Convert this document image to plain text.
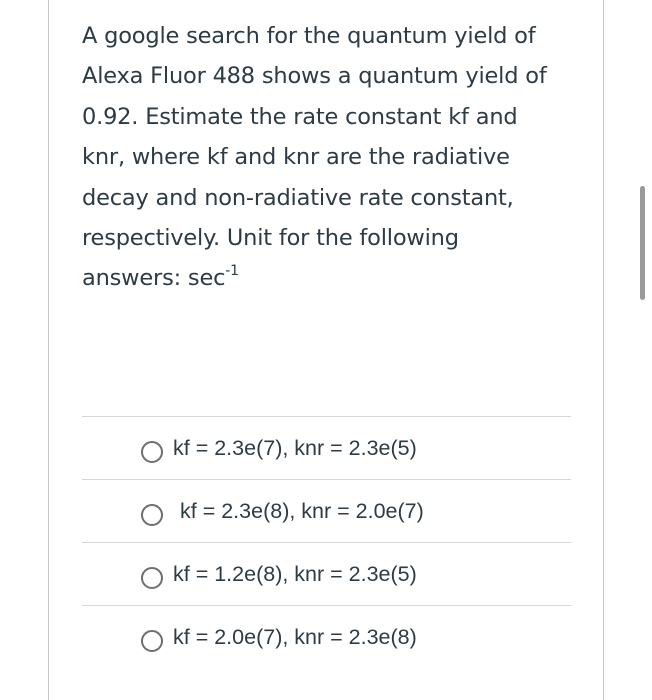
A google search for the quantum yield of
Alexa Fluor 488 shows a quantum yield of
0.92. Estimate the rate constant kf and
knr, where kf and knr are the radiative
decay and non-radiative rate constant,
respectively. Unit for the following
answers: $\sec^{-1}$

kf = 2.3e(7), knr = 2.3e(5)
kf = 2.3e(8), knr = 2.0e(7)
kf = 1.2e(8), knr = 2.3e(5)
kf = 2.0e(7), knr = 2.3e(8)
